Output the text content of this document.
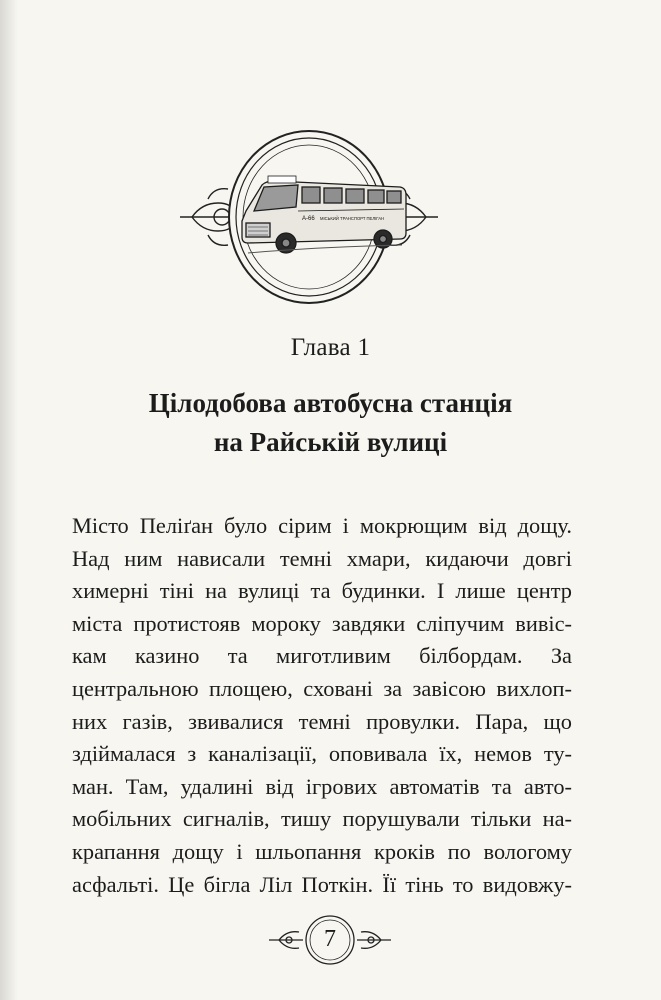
A-66 МІСЬКИЙ ТРАНСПОРТ ПЕЛІГАН
Глава 1
Цілодобова автобусна станція
на Райській вулиці
Місто Пеліґан було сірим і мокрющим від дощу.
Над ним нависали темні хмари, кидаючи довгі
химерні тіні на вулиці та будинки. І лише центр
міста протистояв мороку завдяки сліпучим вивіс-
кам казино та миготливим білбордам. За
центральною площею, сховані за завісою вихлоп-
них газів, звивалися темні провулки. Пара, що
здіймалася з каналізації, оповивала їх, немов ту-
ман. Там, удалині від ігрових автоматів та авто-
мобільних сигналів, тишу порушували тільки на-
крапання дощу і шльопання кроків по вологому
асфальті. Це бігла Ліл Поткін. Її тінь то видовжу-
7
